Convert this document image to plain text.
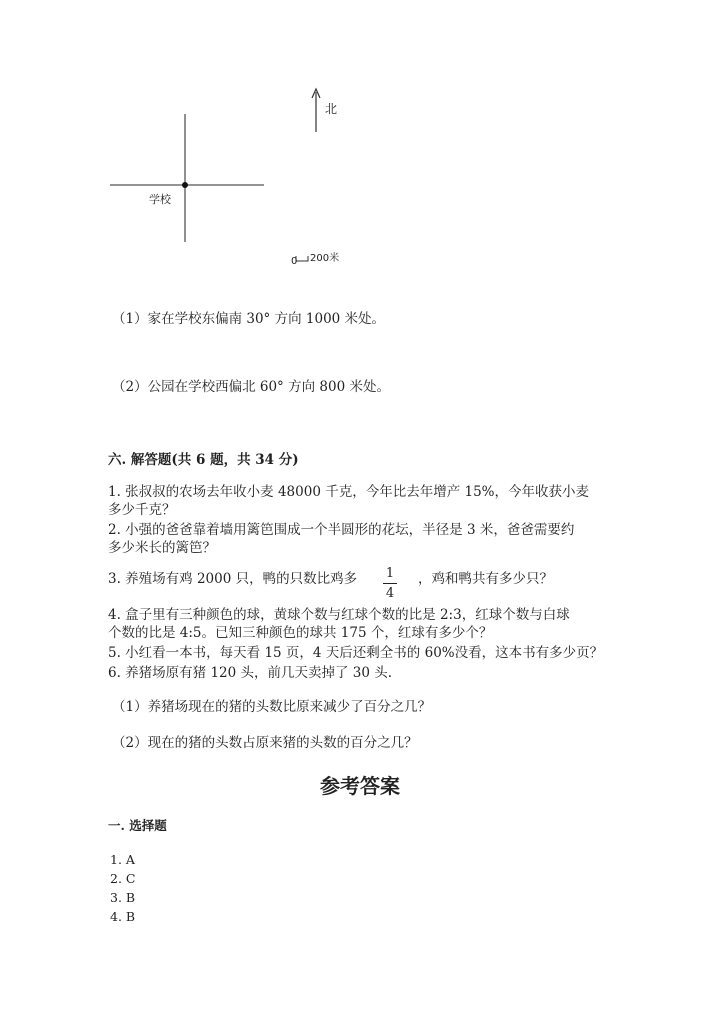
北
学校
0 200米
（1）家在学校东偏南 30° 方向 1000 米处。
（2）公园在学校西偏北 60° 方向 800 米处。
六. 解答题(共 6 题，共 34 分)
1. 张叔叔的农场去年收小麦 48000 千克，今年比去年增产 15%，今年收获小麦
多少千克？
2. 小强的爸爸靠着墙用篱笆围成一个半圆形的花坛，半径是 3 米，爸爸需要约
多少米长的篱笆？
3. 养殖场有鸡 2000 只，鸭的只数比鸡多	1
4
，鸡和鸭共有多少只？
4. 盒子里有三种颜色的球，黄球个数与红球个数的比是 2:3，红球个数与白球
个数的比是 4:5。已知三种颜色的球共 175 个，红球有多少个？
5. 小红看一本书，每天看 15 页，4 天后还剩全书的 60%没看，这本书有多少页？
6. 养猪场原有猪 120 头，前几天卖掉了 30 头.
（1）养猪场现在的猪的头数比原来减少了百分之几？
（2）现在的猪的头数占原来猪的头数的百分之几？
参考答案
一. 选择题
1. A
2. C
3. B
4. B
